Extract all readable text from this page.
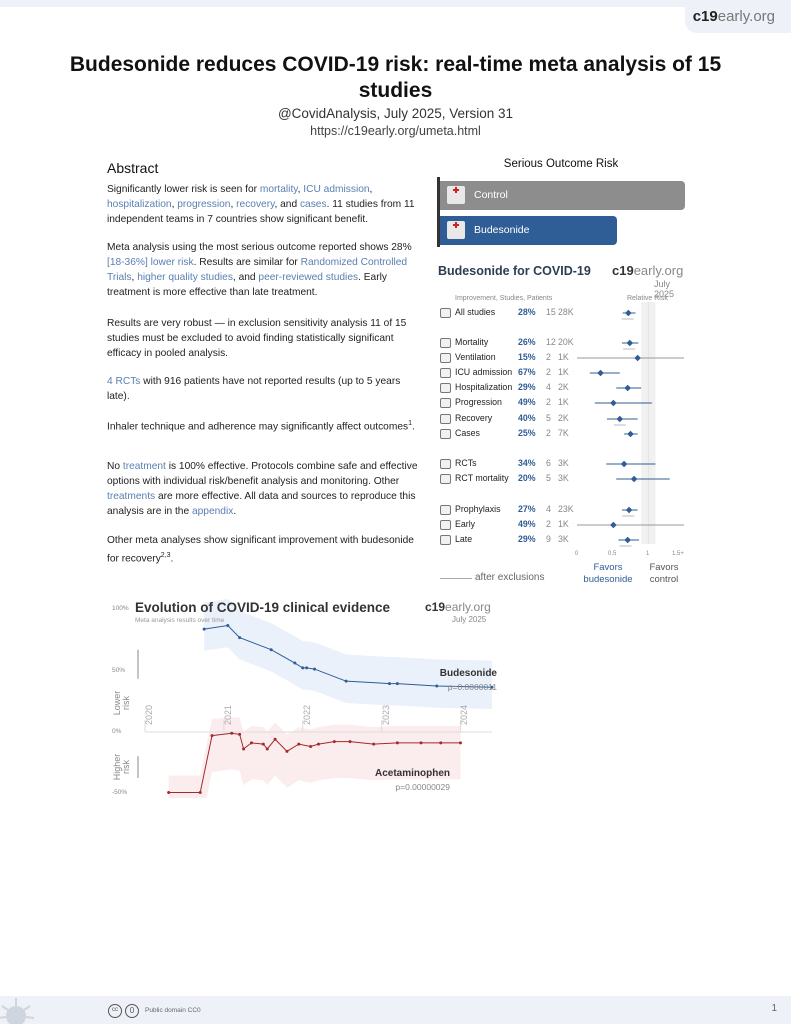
c19early.org
Budesonide reduces COVID-19 risk: real-time meta analysis of 15 studies
@CovidAnalysis, July 2025, Version 31
https://c19early.org/umeta.html
Abstract
Significantly lower risk is seen for mortality, ICU admission, hospitalization, progression, recovery, and cases. 11 studies from 11 independent teams in 7 countries show significant benefit.
Meta analysis using the most serious outcome reported shows 28% [18-36%] lower risk. Results are similar for Randomized Controlled Trials, higher quality studies, and peer-reviewed studies. Early treatment is more effective than late treatment.
Results are very robust — in exclusion sensitivity analysis 11 of 15 studies must be excluded to avoid finding statistically significant efficacy in pooled analysis.
4 RCTs with 916 patients have not reported results (up to 5 years late).
Inhaler technique and adherence may significantly affect outcomes$^1$.
No treatment is 100% effective. Protocols combine safe and effective options with individual risk/benefit analysis and monitoring. Other treatments are more effective. All data and sources to reproduce this analysis are in the appendix.
Other meta analyses show significant improvement with budesonide for recovery$^{2,3}$.
Serious Outcome Risk
Control
Budesonide
Budesonide for COVID-19 c19early.org
July 2025
Improvement, Studies, Patients	Relative Risk
All studies	28% 15 28K
Mortality	26% 12 20K
Ventilation	15% 2 1K
ICU admission 67% 2 1K
Hospitalization 29% 4 2K
Progression 49% 2 1K
Recovery	40% 5 2K
Cases	25% 2 7K
RCTs	34% 6 3K
RCT mortality 20% 5 3K
Prophylaxis 27% 4 23K
Early	49% 2 1K
Late	29% 9 3K
0	0.5	1	1.5+
Favors budesonide
Favors control
after exclusions
Evolution of COVID-19 clinical evidence
Meta analysis results over time
c19early.org
July 2025
100%
50%
0%
-50%
Lower risk
Higher risk
Budesonide
p=0.0000011
Acetaminophen
p=0.00000029
2020	2021	2022	2023	2024
cc	0	Public domain CC0	1
